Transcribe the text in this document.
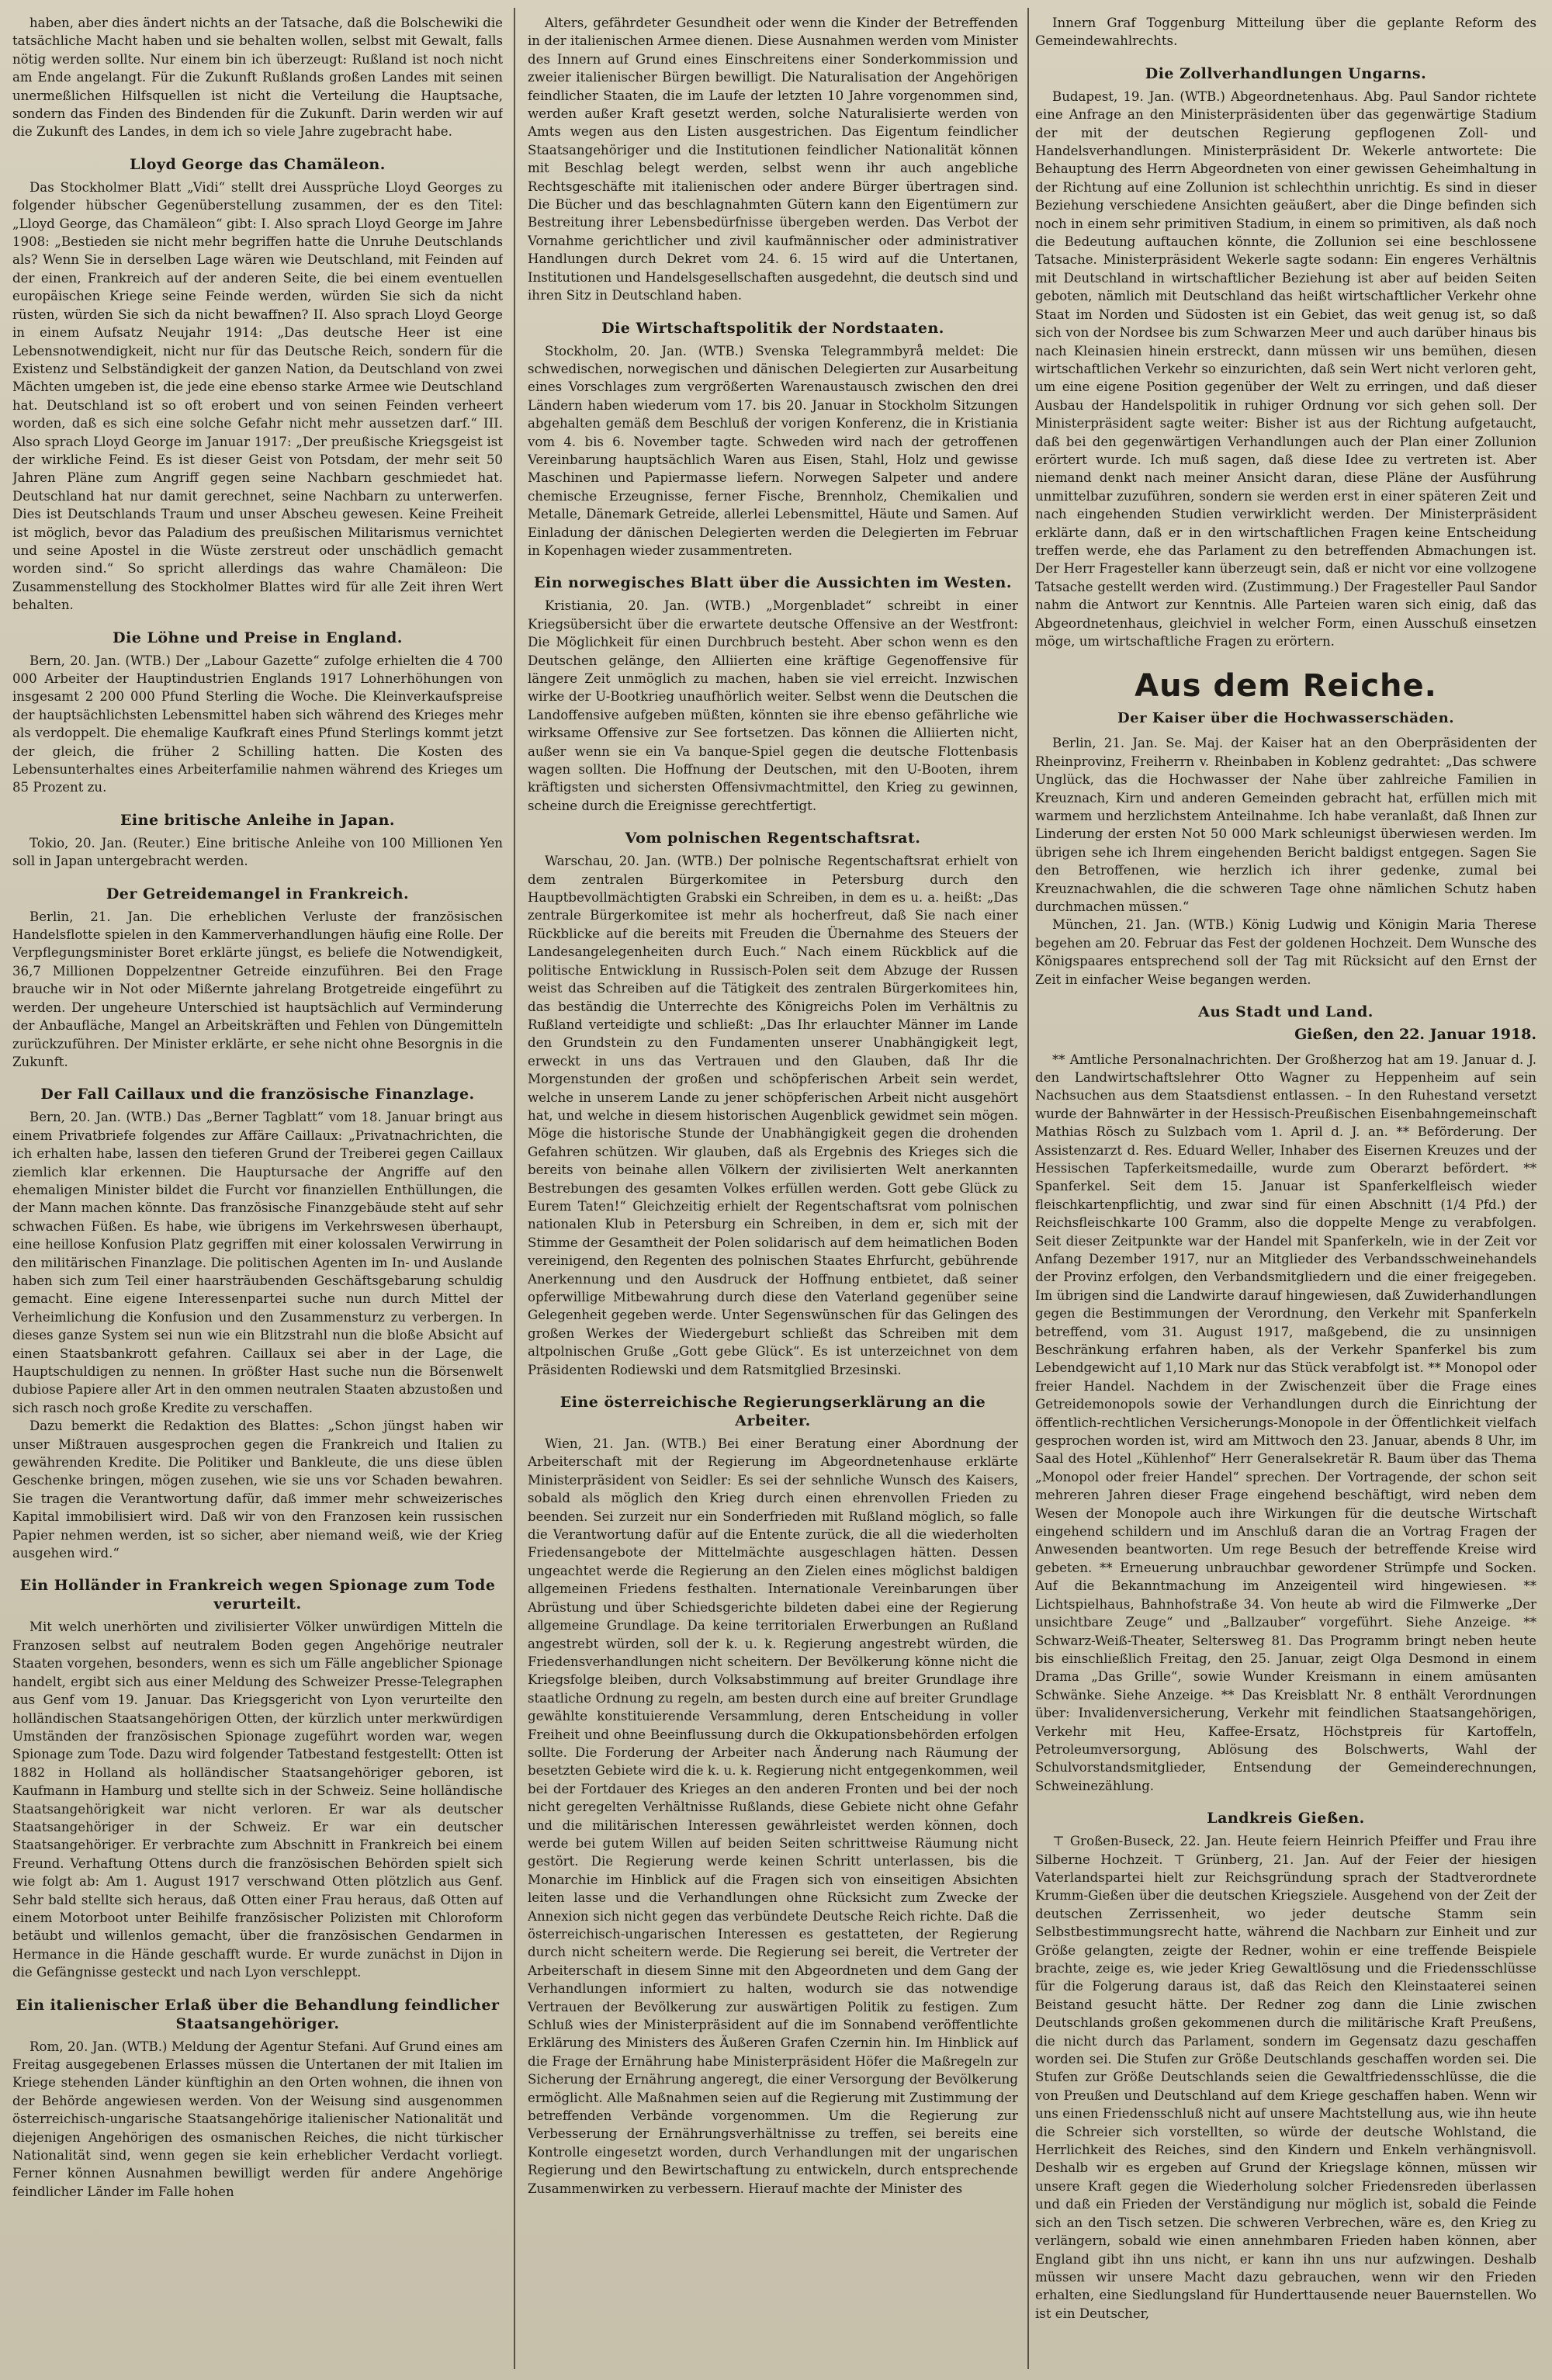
haben, aber dies ändert nichts an der Tatsache, daß die Bolschewiki die tatsächliche Macht haben und sie behalten wollen, selbst mit Gewalt, falls nötig werden sollte. Nur einem bin ich überzeugt: Rußland ist noch nicht am Ende angelangt. Für die Zukunft Rußlands großen Landes mit seinen unermeßlichen Hilfsquellen ist nicht die Verteilung die Hauptsache, sondern das Finden des Bindenden für die Zukunft. Darin werden wir auf die Zukunft des Landes, in dem ich so viele Jahre zugebracht habe.

Lloyd George das Chamäleon.

Das Stockholmer Blatt „Vidi“ stellt drei Aussprüche Lloyd Georges zu folgender hübscher Gegenüberstellung zusammen, der es den Titel: „Lloyd George, das Chamäleon“ gibt: I. Also sprach Lloyd George im Jahre 1908: „Bestieden sie nicht mehr begriffen hatte die Unruhe Deutschlands als? Wenn Sie in derselben Lage wären wie Deutschland, mit Feinden auf der einen, Frankreich auf der anderen Seite, die bei einem eventuellen europäischen Kriege seine Feinde werden, würden Sie sich da nicht rüsten, würden Sie sich da nicht bewaffnen? II. Also sprach Lloyd George in einem Aufsatz Neujahr 1914: „Das deutsche Heer ist eine Lebensnotwendigkeit, nicht nur für das Deutsche Reich, sondern für die Existenz und Selbständigkeit der ganzen Nation, da Deutschland von zwei Mächten umgeben ist, die jede eine ebenso starke Armee wie Deutschland hat. Deutschland ist so oft erobert und von seinen Feinden verheert worden, daß es sich eine solche Gefahr nicht mehr aussetzen darf.“ III. Also sprach Lloyd George im Januar 1917: „Der preußische Kriegsgeist ist der wirkliche Feind. Es ist dieser Geist von Potsdam, der mehr seit 50 Jahren Pläne zum Angriff gegen seine Nachbarn geschmiedet hat. Deutschland hat nur damit gerechnet, seine Nachbarn zu unterwerfen. Dies ist Deutschlands Traum und unser Abscheu gewesen. Keine Freiheit ist möglich, bevor das Paladium des preußischen Militarismus vernichtet und seine Apostel in die Wüste zerstreut oder unschädlich gemacht worden sind.“ So spricht allerdings das wahre Chamäleon: Die Zusammenstellung des Stockholmer Blattes wird für alle Zeit ihren Wert behalten.

Die Löhne und Preise in England.

Bern, 20. Jan. (WTB.) Der „Labour Gazette“ zufolge erhielten die 4 700 000 Arbeiter der Hauptindustrien Englands 1917 Lohnerhöhungen von insgesamt 2 200 000 Pfund Sterling die Woche. Die Kleinverkaufspreise der hauptsächlichsten Lebensmittel haben sich während des Krieges mehr als verdoppelt. Die ehemalige Kaufkraft eines Pfund Sterlings kommt jetzt der gleich, die früher 2 Schilling hatten. Die Kosten des Lebensunterhaltes eines Arbeiterfamilie nahmen während des Krieges um 85 Prozent zu.

Eine britische Anleihe in Japan.

Tokio, 20. Jan. (Reuter.) Eine britische Anleihe von 100 Millionen Yen soll in Japan untergebracht werden.

Der Getreidemangel in Frankreich.

Berlin, 21. Jan. Die erheblichen Verluste der französischen Handelsflotte spielen in den Kammerverhandlungen häufig eine Rolle. Der Verpflegungsminister Boret erklärte jüngst, es beliefe die Notwendigkeit, 36,7 Millionen Doppelzentner Getreide einzuführen. Bei den Frage brauche wir in Not oder Mißernte jahrelang Brotgetreide eingeführt zu werden. Der ungeheure Unterschied ist hauptsächlich auf Verminderung der Anbaufläche, Mangel an Arbeitskräften und Fehlen von Düngemitteln zurückzuführen. Der Minister erklärte, er sehe nicht ohne Besorgnis in die Zukunft.

Der Fall Caillaux und die französische Finanzlage.

Bern, 20. Jan. (WTB.) Das „Berner Tagblatt“ vom 18. Januar bringt aus einem Privatbriefe folgendes zur Affäre Caillaux: „Privatnachrichten, die ich erhalten habe, lassen den tieferen Grund der Treiberei gegen Caillaux ziemlich klar erkennen. Die Hauptursache der Angriffe auf den ehemaligen Minister bildet die Furcht vor finanziellen Enthüllungen, die der Mann machen könnte. Das französische Finanzgebäude steht auf sehr schwachen Füßen. Es habe, wie übrigens im Verkehrswesen überhaupt, eine heillose Konfusion Platz gegriffen mit einer kolossalen Verwirrung in den militärischen Finanzlage. Die politischen Agenten im In- und Auslande haben sich zum Teil einer haarsträubenden Geschäftsgebarung schuldig gemacht. Eine eigene Interessenpartei suche nun durch Mittel der Verheimlichung die Konfusion und den Zusammensturz zu verbergen. In dieses ganze System sei nun wie ein Blitzstrahl nun die bloße Absicht auf einen Staatsbankrott gefahren. Caillaux sei aber in der Lage, die Hauptschuldigen zu nennen. In größter Hast suche nun die Börsenwelt dubiose Papiere aller Art in den ommen neutralen Staaten abzustoßen und sich rasch noch große Kredite zu verschaffen.

Dazu bemerkt die Redaktion des Blattes: „Schon jüngst haben wir unser Mißtrauen ausgesprochen gegen die Frankreich und Italien zu gewährenden Kredite. Die Politiker und Bankleute, die uns diese üblen Geschenke bringen, mögen zusehen, wie sie uns vor Schaden bewahren. Sie tragen die Verantwortung dafür, daß immer mehr schweizerisches Kapital immobilisiert wird. Daß wir von den Franzosen kein russischen Papier nehmen werden, ist so sicher, aber niemand weiß, wie der Krieg ausgehen wird.“

Ein Holländer in Frankreich wegen Spionage zum Tode verurteilt.

Mit welch unerhörten und zivilisierter Völker unwürdigen Mitteln die Franzosen selbst auf neutralem Boden gegen Angehörige neutraler Staaten vorgehen, besonders, wenn es sich um Fälle angeblicher Spionage handelt, ergibt sich aus einer Meldung des Schweizer Presse-Telegraphen aus Genf vom 19. Januar. Das Kriegsgericht von Lyon verurteilte den holländischen Staatsangehörigen Otten, der kürzlich unter merkwürdigen Umständen der französischen Spionage zugeführt worden war, wegen Spionage zum Tode. Dazu wird folgender Tatbestand festgestellt: Otten ist 1882 in Holland als holländischer Staatsangehöriger geboren, ist Kaufmann in Hamburg und stellte sich in der Schweiz. Seine holländische Staatsangehörigkeit war nicht verloren. Er war als deutscher Staatsangehöriger in der Schweiz. Er war ein deutscher Staatsangehöriger. Er verbrachte zum Abschnitt in Frankreich bei einem Freund. Verhaftung Ottens durch die französischen Behörden spielt sich wie folgt ab: Am 1. August 1917 verschwand Otten plötzlich aus Genf. Sehr bald stellte sich heraus, daß Otten einer Frau heraus, daß Otten auf einem Motorboot unter Beihilfe französischer Polizisten mit Chloroform betäubt und willenlos gemacht, über die französischen Gendarmen in Hermance in die Hände geschafft wurde. Er wurde zunächst in Dijon in die Gefängnisse gesteckt und nach Lyon verschleppt.

Ein italienischer Erlaß über die Behandlung feindlicher Staatsangehöriger.

Rom, 20. Jan. (WTB.) Meldung der Agentur Stefani. Auf Grund eines am Freitag ausgegebenen Erlasses müssen die Untertanen der mit Italien im Kriege stehenden Länder künftighin an den Orten wohnen, die ihnen von der Behörde angewiesen werden. Von der Weisung sind ausgenommen österreichisch-ungarische Staatsangehörige italienischer Nationalität und diejenigen Angehörigen des osmanischen Reiches, die nicht türkischer Nationalität sind, wenn gegen sie kein erheblicher Verdacht vorliegt. Ferner können Ausnahmen bewilligt werden für andere Angehörige feindlicher Länder im Falle hohen

Alters, gefährdeter Gesundheit oder wenn die Kinder der Betreffenden in der italienischen Armee dienen. Diese Ausnahmen werden vom Minister des Innern auf Grund eines Einschreitens einer Sonderkommission und zweier italienischer Bürgen bewilligt. Die Naturalisation der Angehörigen feindlicher Staaten, die im Laufe der letzten 10 Jahre vorgenommen sind, werden außer Kraft gesetzt werden, solche Naturalisierte werden von Amts wegen aus den Listen ausgestrichen. Das Eigentum feindlicher Staatsangehöriger und die Institutionen feindlicher Nationalität können mit Beschlag belegt werden, selbst wenn ihr auch angebliche Rechtsgeschäfte mit italienischen oder andere Bürger übertragen sind. Die Bücher und das beschlagnahmten Gütern kann den Eigentümern zur Bestreitung ihrer Lebensbedürfnisse übergeben werden. Das Verbot der Vornahme gerichtlicher und zivil kaufmännischer oder administrativer Handlungen durch Dekret vom 24. 6. 15 wird auf die Untertanen, Institutionen und Handelsgesellschaften ausgedehnt, die deutsch sind und ihren Sitz in Deutschland haben.

Die Wirtschaftspolitik der Nordstaaten.

Stockholm, 20. Jan. (WTB.) Svenska Telegrammbyrå meldet: Die schwedischen, norwegischen und dänischen Delegierten zur Ausarbeitung eines Vorschlages zum vergrößerten Warenaustausch zwischen den drei Ländern haben wiederum vom 17. bis 20. Januar in Stockholm Sitzungen abgehalten gemäß dem Beschluß der vorigen Konferenz, die in Kristiania vom 4. bis 6. November tagte. Schweden wird nach der getroffenen Vereinbarung hauptsächlich Waren aus Eisen, Stahl, Holz und gewisse Maschinen und Papiermasse liefern. Norwegen Salpeter und andere chemische Erzeugnisse, ferner Fische, Brennholz, Chemikalien und Metalle, Dänemark Getreide, allerlei Lebensmittel, Häute und Samen. Auf Einladung der dänischen Delegierten werden die Delegierten im Februar in Kopenhagen wieder zusammentreten.

Ein norwegisches Blatt über die Aussichten im Westen.

Kristiania, 20. Jan. (WTB.) „Morgenbladet“ schreibt in einer Kriegsübersicht über die erwartete deutsche Offensive an der Westfront: Die Möglichkeit für einen Durchbruch besteht. Aber schon wenn es den Deutschen gelänge, den Alliierten eine kräftige Gegenoffensive für längere Zeit unmöglich zu machen, haben sie viel erreicht. Inzwischen wirke der U-Bootkrieg unaufhörlich weiter. Selbst wenn die Deutschen die Landoffensive aufgeben müßten, könnten sie ihre ebenso gefährliche wie wirksame Offensive zur See fortsetzen. Das können die Alliierten nicht, außer wenn sie ein Va banque-Spiel gegen die deutsche Flottenbasis wagen sollten. Die Hoffnung der Deutschen, mit den U-Booten, ihrem kräftigsten und sichersten Offensivmachtmittel, den Krieg zu gewinnen, scheine durch die Ereignisse gerechtfertigt.

Vom polnischen Regentschaftsrat.

Warschau, 20. Jan. (WTB.) Der polnische Regentschaftsrat erhielt von dem zentralen Bürgerkomitee in Petersburg durch den Hauptbevollmächtigten Grabski ein Schreiben, in dem es u. a. heißt: „Das zentrale Bürgerkomitee ist mehr als hocherfreut, daß Sie nach einer Rückblicke auf die bereits mit Freuden die Übernahme des Steuers der Landesangelegenheiten durch Euch.“ Nach einem Rückblick auf die politische Entwicklung in Russisch-Polen seit dem Abzuge der Russen weist das Schreiben auf die Tätigkeit des zentralen Bürgerkomitees hin, das beständig die Unterrechte des Königreichs Polen im Verhältnis zu Rußland verteidigte und schließt: „Das Ihr erlauchter Männer im Lande den Grundstein zu den Fundamenten unserer Unabhängigkeit legt, erweckt in uns das Vertrauen und den Glauben, daß Ihr die Morgenstunden der großen und schöpferischen Arbeit sein werdet, welche in unserem Lande zu jener schöpferischen Arbeit nicht ausgehört hat, und welche in diesem historischen Augenblick gewidmet sein mögen. Möge die historische Stunde der Unabhängigkeit gegen die drohenden Gefahren schützen. Wir glauben, daß als Ergebnis des Krieges sich die bereits von beinahe allen Völkern der zivilisierten Welt anerkannten Bestrebungen des gesamten Volkes erfüllen werden. Gott gebe Glück zu Eurem Taten!“ Gleichzeitig erhielt der Regentschaftsrat vom polnischen nationalen Klub in Petersburg ein Schreiben, in dem er, sich mit der Stimme der Gesamtheit der Polen solidarisch auf dem heimatlichen Boden vereinigend, den Regenten des polnischen Staates Ehrfurcht, gebührende Anerkennung und den Ausdruck der Hoffnung entbietet, daß seiner opferwillige Mitbewahrung durch diese den Vaterland gegenüber seine Gelegenheit gegeben werde. Unter Segenswünschen für das Gelingen des großen Werkes der Wiedergeburt schließt das Schreiben mit dem altpolnischen Gruße „Gott gebe Glück“. Es ist unterzeichnet von dem Präsidenten Rodiewski und dem Ratsmitglied Brzesinski.

Eine österreichische Regierungserklärung an die Arbeiter.

Wien, 21. Jan. (WTB.) Bei einer Beratung einer Abordnung der Arbeiterschaft mit der Regierung im Abgeordnetenhause erklärte Ministerpräsident von Seidler: Es sei der sehnliche Wunsch des Kaisers, sobald als möglich den Krieg durch einen ehrenvollen Frieden zu beenden. Sei zurzeit nur ein Sonderfrieden mit Rußland möglich, so falle die Verantwortung dafür auf die Entente zurück, die all die wiederholten Friedensangebote der Mittelmächte ausgeschlagen hätten. Dessen ungeachtet werde die Regierung an den Zielen eines möglichst baldigen allgemeinen Friedens festhalten. Internationale Vereinbarungen über Abrüstung und über Schiedsgerichte bildeten dabei eine der Regierung allgemeine Grundlage. Da keine territorialen Erwerbungen an Rußland angestrebt würden, soll der k. u. k. Regierung angestrebt würden, die Friedensverhandlungen nicht scheitern. Der Bevölkerung könne nicht die Kriegsfolge bleiben, durch Volksabstimmung auf breiter Grundlage ihre staatliche Ordnung zu regeln, am besten durch eine auf breiter Grundlage gewählte konstituierende Versammlung, deren Entscheidung in voller Freiheit und ohne Beeinflussung durch die Okkupationsbehörden erfolgen sollte. Die Forderung der Arbeiter nach Änderung nach Räumung der besetzten Gebiete wird die k. u. k. Regierung nicht entgegenkommen, weil bei der Fortdauer des Krieges an den anderen Fronten und bei der noch nicht geregelten Verhältnisse Rußlands, diese Gebiete nicht ohne Gefahr und die militärischen Interessen gewährleistet werden können, doch werde bei gutem Willen auf beiden Seiten schrittweise Räumung nicht gestört. Die Regierung werde keinen Schritt unterlassen, bis die Monarchie im Hinblick auf die Fragen sich von einseitigen Absichten leiten lasse und die Verhandlungen ohne Rücksicht zum Zwecke der Annexion sich nicht gegen das verbündete Deutsche Reich richte. Daß die österreichisch-ungarischen Interessen es gestatteten, der Regierung durch nicht scheitern werde. Die Regierung sei bereit, die Vertreter der Arbeiterschaft in diesem Sinne mit den Abgeordneten und dem Gang der Verhandlungen informiert zu halten, wodurch sie das notwendige Vertrauen der Bevölkerung zur auswärtigen Politik zu festigen. Zum Schluß wies der Ministerpräsident auf die im Sonnabend veröffentlichte Erklärung des Ministers des Äußeren Grafen Czernin hin. Im Hinblick auf die Frage der Ernährung habe Ministerpräsident Höfer die Maßregeln zur Sicherung der Ernährung angeregt, die einer Versorgung der Bevölkerung ermöglicht. Alle Maßnahmen seien auf die Regierung mit Zustimmung der betreffenden Verbände vorgenommen. Um die Regierung zur Verbesserung der Ernährungsverhältnisse zu treffen, sei bereits eine Kontrolle eingesetzt worden, durch Verhandlungen mit der ungarischen Regierung und den Bewirtschaftung zu entwickeln, durch entsprechende Zusammenwirken zu verbessern. Hierauf machte der Minister des

Innern Graf Toggenburg Mitteilung über die geplante Reform des Gemeindewahlrechts.

Die Zollverhandlungen Ungarns.

Budapest, 19. Jan. (WTB.) Abgeordnetenhaus. Abg. Paul Sandor richtete eine Anfrage an den Ministerpräsidenten über das gegenwärtige Stadium der mit der deutschen Regierung gepflogenen Zoll- und Handelsverhandlungen. Ministerpräsident Dr. Wekerle antwortete: Die Behauptung des Herrn Abgeordneten von einer gewissen Geheimhaltung in der Richtung auf eine Zollunion ist schlechthin unrichtig. Es sind in dieser Beziehung verschiedene Ansichten geäußert, aber die Dinge befinden sich noch in einem sehr primitiven Stadium, in einem so primitiven, als daß noch die Bedeutung auftauchen könnte, die Zollunion sei eine beschlossene Tatsache. Ministerpräsident Wekerle sagte sodann: Ein engeres Verhältnis mit Deutschland in wirtschaftlicher Beziehung ist aber auf beiden Seiten geboten, nämlich mit Deutschland das heißt wirtschaftlicher Verkehr ohne Staat im Norden und Südosten ist ein Gebiet, das weit genug ist, so daß sich von der Nordsee bis zum Schwarzen Meer und auch darüber hinaus bis nach Kleinasien hinein erstreckt, dann müssen wir uns bemühen, diesen wirtschaftlichen Verkehr so einzurichten, daß sein Wert nicht verloren geht, um eine eigene Position gegenüber der Welt zu erringen, und daß dieser Ausbau der Handelspolitik in ruhiger Ordnung vor sich gehen soll. Der Ministerpräsident sagte weiter: Bisher ist aus der Richtung aufgetaucht, daß bei den gegenwärtigen Verhandlungen auch der Plan einer Zollunion erörtert wurde. Ich muß sagen, daß diese Idee zu vertreten ist. Aber niemand denkt nach meiner Ansicht daran, diese Pläne der Ausführung unmittelbar zuzuführen, sondern sie werden erst in einer späteren Zeit und nach eingehenden Studien verwirklicht werden. Der Ministerpräsident erklärte dann, daß er in den wirtschaftlichen Fragen keine Entscheidung treffen werde, ehe das Parlament zu den betreffenden Abmachungen ist. Der Herr Fragesteller kann überzeugt sein, daß er nicht vor eine vollzogene Tatsache gestellt werden wird. (Zustimmung.) Der Fragesteller Paul Sandor nahm die Antwort zur Kenntnis. Alle Parteien waren sich einig, daß das Abgeordnetenhaus, gleichviel in welcher Form, einen Ausschuß einsetzen möge, um wirtschaftliche Fragen zu erörtern.

Aus dem Reiche.
Der Kaiser über die Hochwasserschäden.

Berlin, 21. Jan. Se. Maj. der Kaiser hat an den Oberpräsidenten der Rheinprovinz, Freiherrn v. Rheinbaben in Koblenz gedrahtet: „Das schwere Unglück, das die Hochwasser der Nahe über zahlreiche Familien in Kreuznach, Kirn und anderen Gemeinden gebracht hat, erfüllen mich mit warmem und herzlichstem Anteilnahme. Ich habe veranlaßt, daß Ihnen zur Linderung der ersten Not 50 000 Mark schleunigst überwiesen werden. Im übrigen sehe ich Ihrem eingehenden Bericht baldigst entgegen. Sagen Sie den Betroffenen, wie herzlich ich ihrer gedenke, zumal bei Kreuznachwahlen, die die schweren Tage ohne nämlichen Schutz haben durchmachen müssen.“

München, 21. Jan. (WTB.) König Ludwig und Königin Maria Therese begehen am 20. Februar das Fest der goldenen Hochzeit. Dem Wunsche des Königspaares entsprechend soll der Tag mit Rücksicht auf den Ernst der Zeit in einfacher Weise begangen werden.

Aus Stadt und Land.
Gießen, den 22. Januar 1918.

** Amtliche Personalnachrichten. Der Großherzog hat am 19. Januar d. J. den Landwirtschaftslehrer Otto Wagner zu Heppenheim auf sein Nachsuchen aus dem Staatsdienst entlassen. – In den Ruhestand versetzt wurde der Bahnwärter in der Hessisch-Preußischen Eisenbahngemeinschaft Mathias Rösch zu Sulzbach vom 1. April d. J. an. ** Beförderung. Der Assistenzarzt d. Res. Eduard Weller, Inhaber des Eisernen Kreuzes und der Hessischen Tapferkeitsmedaille, wurde zum Oberarzt befördert. ** Spanferkel. Seit dem 15. Januar ist Spanferkelfleisch wieder fleischkartenpflichtig, und zwar sind für einen Abschnitt (1/4 Pfd.) der Reichsfleischkarte 100 Gramm, also die doppelte Menge zu verabfolgen. Seit dieser Zeitpunkte war der Handel mit Spanferkeln, wie in der Zeit vor Anfang Dezember 1917, nur an Mitglieder des Verbandsschweinehandels der Provinz erfolgen, den Verbandsmitgliedern und die einer freigegeben. Im übrigen sind die Landwirte darauf hingewiesen, daß Zuwiderhandlungen gegen die Bestimmungen der Verordnung, den Verkehr mit Spanferkeln betreffend, vom 31. August 1917, maßgebend, die zu unsinnigen Beschränkung erfahren haben, als der Verkehr Spanferkel bis zum Lebendgewicht auf 1,10 Mark nur das Stück verabfolgt ist. ** Monopol oder freier Handel. Nachdem in der Zwischenzeit über die Frage eines Getreidemonopols sowie der Verhandlungen durch die Einrichtung der öffentlich-rechtlichen Versicherungs-Monopole in der Öffentlichkeit vielfach gesprochen worden ist, wird am Mittwoch den 23. Januar, abends 8 Uhr, im Saal des Hotel „Kühlenhof“ Herr Generalsekretär R. Baum über das Thema „Monopol oder freier Handel“ sprechen. Der Vortragende, der schon seit mehreren Jahren dieser Frage eingehend beschäftigt, wird neben dem Wesen der Monopole auch ihre Wirkungen für die deutsche Wirtschaft eingehend schildern und im Anschluß daran die an Vortrag Fragen der Anwesenden beantworten. Um rege Besuch der betreffende Kreise wird gebeten. ** Erneuerung unbrauchbar gewordener Strümpfe und Socken. Auf die Bekanntmachung im Anzeigenteil wird hingewiesen. ** Lichtspielhaus, Bahnhofstraße 34. Von heute ab wird die Filmwerke „Der unsichtbare Zeuge“ und „Ballzauber“ vorgeführt. Siehe Anzeige. ** Schwarz-Weiß-Theater, Seltersweg 81. Das Programm bringt neben heute bis einschließlich Freitag, den 25. Januar, zeigt Olga Desmond in einem Drama „Das Grille“, sowie Wunder Kreismann in einem amüsanten Schwänke. Siehe Anzeige. ** Das Kreisblatt Nr. 8 enthält Verordnungen über: Invalidenversicherung, Verkehr mit feindlichen Staatsangehörigen, Verkehr mit Heu, Kaffee-Ersatz, Höchstpreis für Kartoffeln, Petroleumversorgung, Ablösung des Bolschwerts, Wahl der Schulvorstandsmitglieder, Entsendung der Gemeinderechnungen, Schweinezählung.

Landkreis Gießen.

⊤ Großen-Buseck, 22. Jan. Heute feiern Heinrich Pfeiffer und Frau ihre Silberne Hochzeit. ⊤ Grünberg, 21. Jan. Auf der Feier der hiesigen Vaterlandspartei hielt zur Reichsgründung sprach der Stadtverordnete Krumm-Gießen über die deutschen Kriegsziele. Ausgehend von der Zeit der deutschen Zerrissenheit, wo jeder deutsche Stamm sein Selbstbestimmungsrecht hatte, während die Nachbarn zur Einheit und zur Größe gelangten, zeigte der Redner, wohin er eine treffende Beispiele brachte, zeige es, wie jeder Krieg Gewaltlösung und die Friedensschlüsse für die Folgerung daraus ist, daß das Reich den Kleinstaaterei seinen Beistand gesucht hätte. Der Redner zog dann die Linie zwischen Deutschlands großen gekommenen durch die militärische Kraft Preußens, die nicht durch das Parlament, sondern im Gegensatz dazu geschaffen worden sei. Die Stufen zur Größe Deutschlands geschaffen worden sei. Die Stufen zur Größe Deutschlands seien die Gewaltfriedensschlüsse, die die von Preußen und Deutschland auf dem Kriege geschaffen haben. Wenn wir uns einen Friedensschluß nicht auf unsere Machtstellung aus, wie ihn heute die Schreier sich vorstellten, so würde der deutsche Wohlstand, die Herrlichkeit des Reiches, sind den Kindern und Enkeln verhängnisvoll. Deshalb wir es ergeben auf Grund der Kriegslage können, müssen wir unsere Kraft gegen die Wiederholung solcher Friedensreden überlassen und daß ein Frieden der Verständigung nur möglich ist, sobald die Feinde sich an den Tisch setzen. Die schweren Verbrechen, wäre es, den Krieg zu verlängern, sobald wie einen annehmbaren Frieden haben können, aber England gibt ihn uns nicht, er kann ihn uns nur aufzwingen. Deshalb müssen wir unsere Macht dazu gebrauchen, wenn wir den Frieden erhalten, eine Siedlungsland für Hunderttausende neuer Bauernstellen. Wo ist ein Deutscher,
